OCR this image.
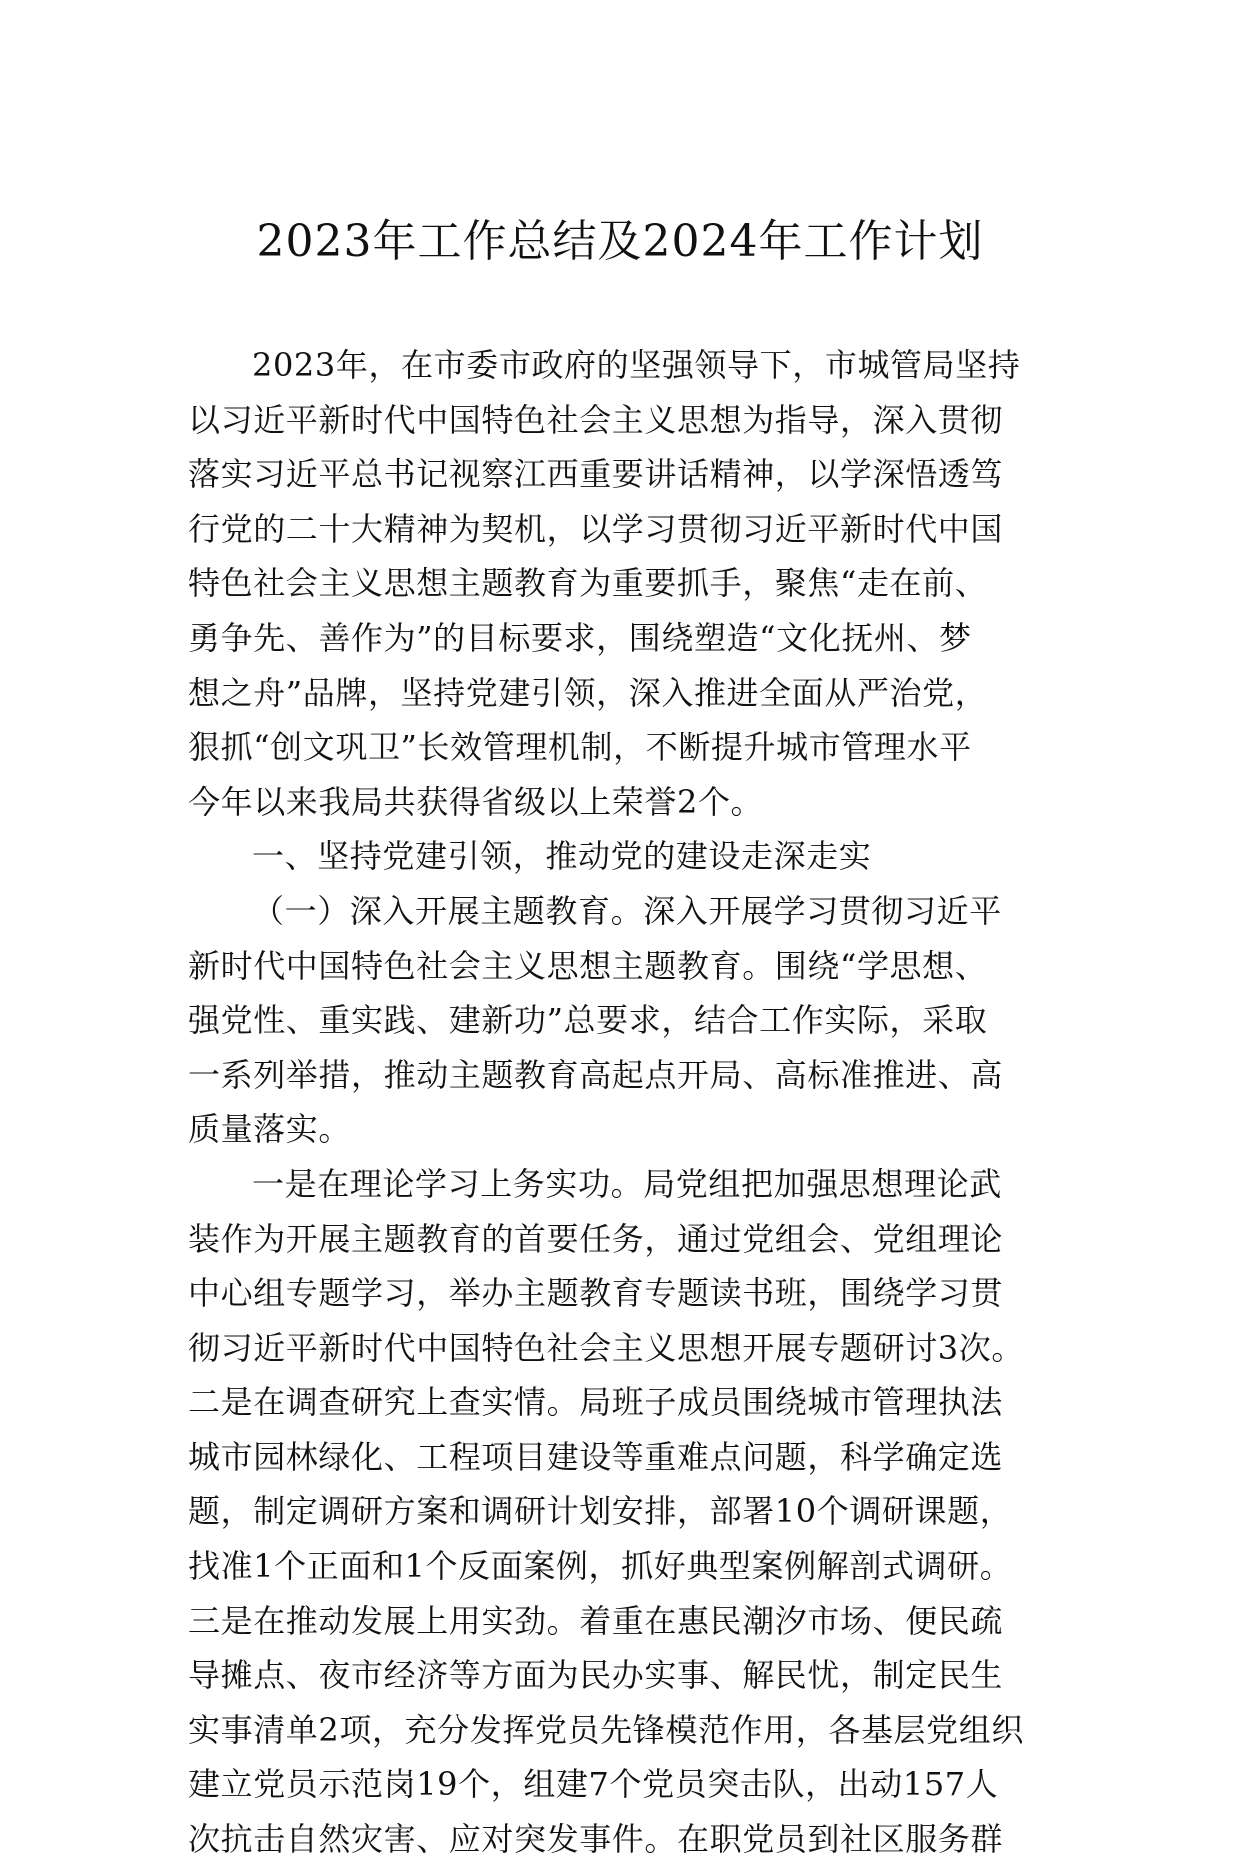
2023年工作总结及2024年工作计划

2023年，在市委市政府的坚强领导下，市城管局坚持

以习近平新时代中国特色社会主义思想为指导，深入贯彻

落实习近平总书记视察江西重要讲话精神，以学深悟透笃

行党的二十大精神为契机，以学习贯彻习近平新时代中国

特色社会主义思想主题教育为重要抓手，聚焦“走在前、

勇争先、善作为”的目标要求，围绕塑造“文化抚州、梦

想之舟”品牌，坚持党建引领，深入推进全面从严治党，

狠抓“创文巩卫”长效管理机制，不断提升城市管理水平

今年以来我局共获得省级以上荣誉2个。

一、坚持党建引领，推动党的建设走深走实

（一）深入开展主题教育。深入开展学习贯彻习近平

新时代中国特色社会主义思想主题教育。围绕“学思想、

强党性、重实践、建新功”总要求，结合工作实际，采取

一系列举措，推动主题教育高起点开局、高标准推进、高

质量落实。

一是在理论学习上务实功。局党组把加强思想理论武

装作为开展主题教育的首要任务，通过党组会、党组理论

中心组专题学习，举办主题教育专题读书班，围绕学习贯

彻习近平新时代中国特色社会主义思想开展专题研讨3次。

二是在调查研究上查实情。局班子成员围绕城市管理执法

城市园林绿化、工程项目建设等重难点问题，科学确定选

题，制定调研方案和调研计划安排，部署10个调研课题，

找准1个正面和1个反面案例，抓好典型案例解剖式调研。

三是在推动发展上用实劲。着重在惠民潮汐市场、便民疏

导摊点、夜市经济等方面为民办实事、解民忧，制定民生

实事清单2项，充分发挥党员先锋模范作用，各基层党组织

建立党员示范岗19个，组建7个党员突击队，出动157人

次抗击自然灾害、应对突发事件。在职党员到社区服务群
